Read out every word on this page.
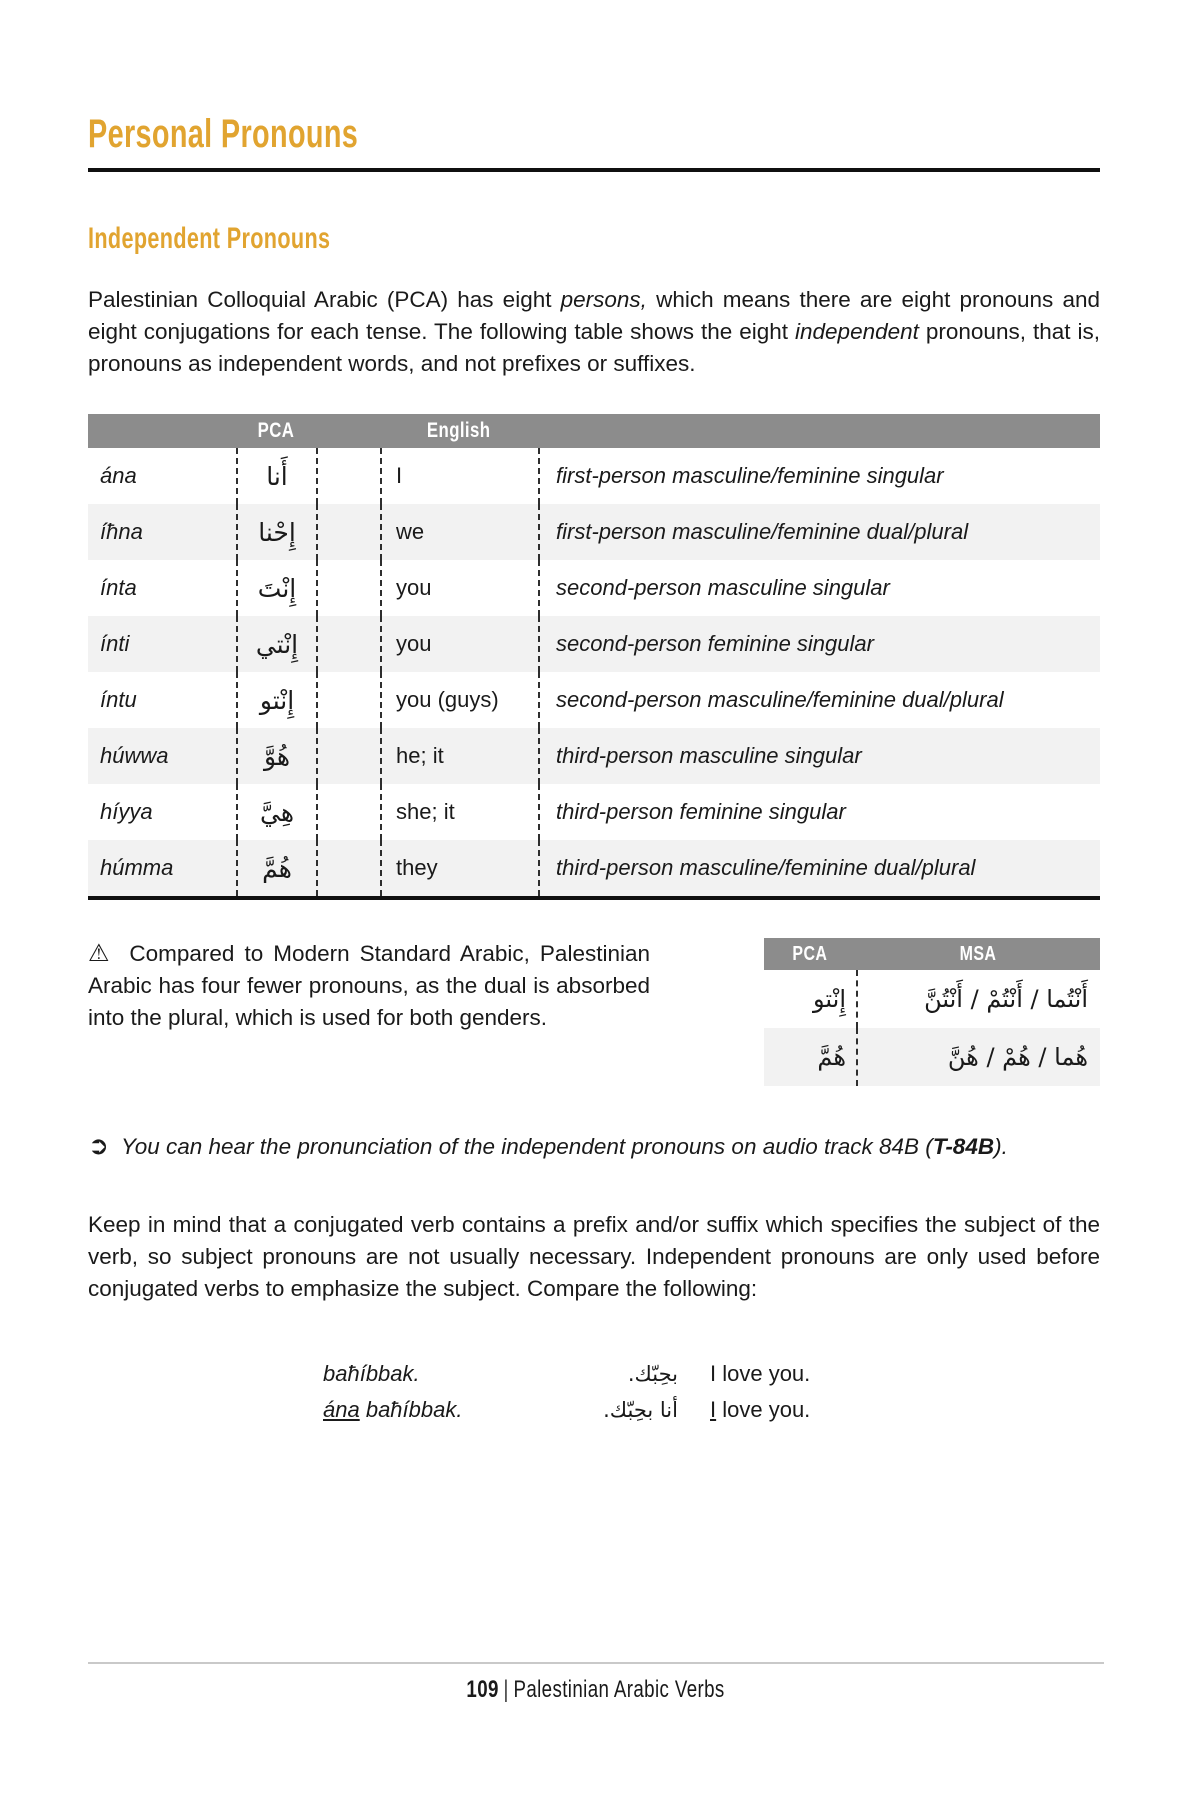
Personal Pronouns
Independent Pronouns
Palestinian Colloquial Arabic (PCA) has eight persons, which means there are eight pronouns and eight conjugations for each tense. The following table shows the eight independent pronouns, that is, pronouns as independent words, and not prefixes or suffixes.
PCA	English
ána	أَنا	I	first-person masculine/feminine singular
íħna	إِحْنا	we	first-person masculine/feminine dual/plural
ínta	إِنْتَ	you	second-person masculine singular
ínti	إِنْتي	you	second-person feminine singular
íntu	إِنْتو	you (guys)	second-person masculine/feminine dual/plural
húwwa	هُوَّ	he; it	third-person masculine singular
híyya	هِيَّ	she; it	third-person feminine singular
húmma	هُمَّ	they	third-person masculine/feminine dual/plural
⚠ Compared to Modern Standard Arabic, Palestinian Arabic has four fewer pronouns, as the dual is absorbed into the plural, which is used for both genders.
PCA	MSA
إِنْتو	أَنْتُما / أَنْتُمْ / أَنْتُنَّ
هُمَّ	هُما / هُمْ / هُنَّ
➲ You can hear the pronunciation of the independent pronouns on audio track 84B (T-84B).
Keep in mind that a conjugated verb contains a prefix and/or suffix which specifies the subject of the verb, so subject pronouns are not usually necessary. Independent pronouns are only used before conjugated verbs to emphasize the subject. Compare the following:
baħíbbak.	بحِبّك. I love you.
ána baħíbbak.	أنا بحِبّك. I love you.
109 | Palestinian Arabic Verbs
